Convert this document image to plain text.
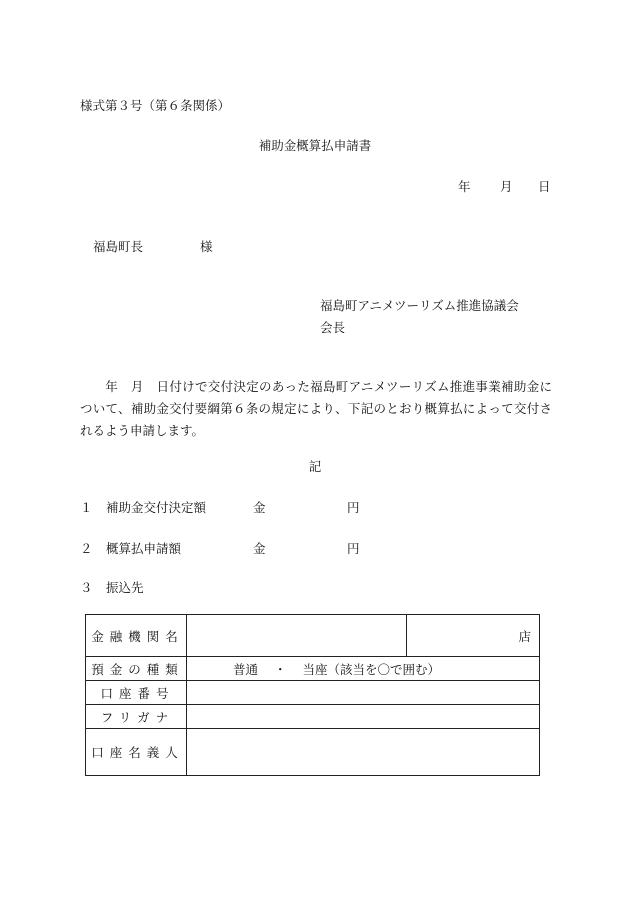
様式第３号（第６条関係）
補助金概算払申請書
年 月 日
福島町長	様
福島町アニメツーリズム推進協議会
会長
年　月　日付けで交付決定のあった福島町アニメツーリズム推進事業補助金について、補助金交付要綱第６条の規定により、下記のとおり概算払によって交付されるよう申請します。
記
１ 補助金交付決定額	金	円
２ 概算払申請額	金	円
３ 振込先
金融機関名		店
預金の種類	普通 ・ 当座（該当を〇で囲む）	
口座番号		
フリガナ		
口座名義人		
